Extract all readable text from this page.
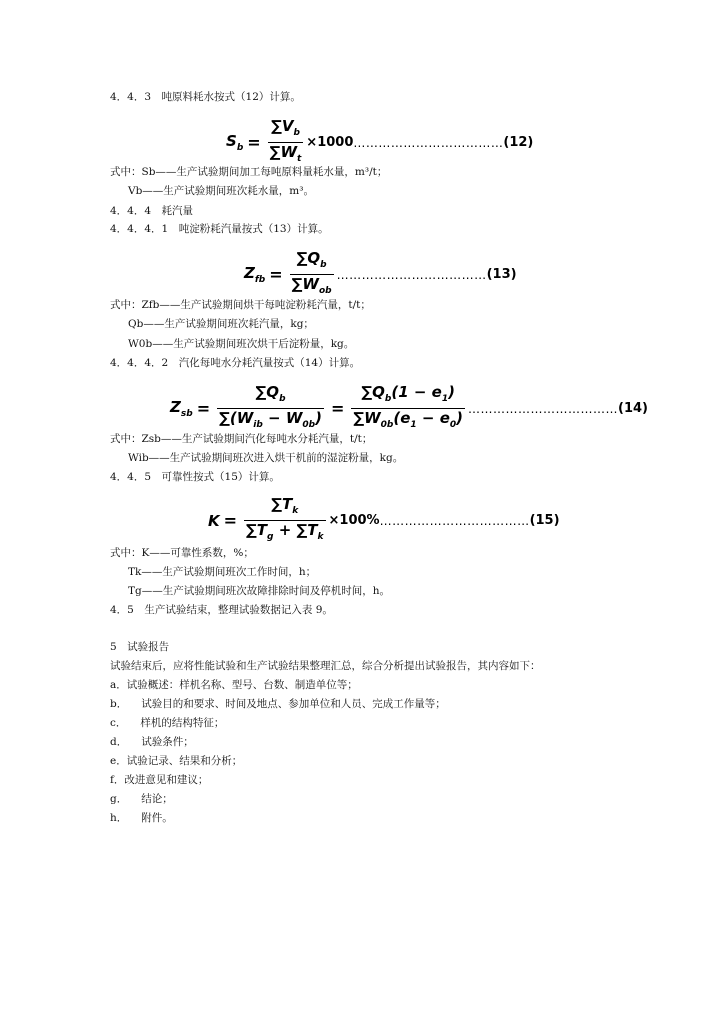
4．4．3　吨原料耗水按式（12）计算。
$S_b = \frac{\sum V_b}{\sum W_t} \times 1000$ ……………………………… (12)
式中：Sb——生产试验期间加工每吨原料量耗水量，m³/t；
Vb——生产试验期间班次耗水量，m³。
4．4．4　耗汽量
4．4．4．1　吨淀粉耗汽量按式（13）计算。
$Z_{fb} = \frac{\sum Q_b}{\sum W_{ob}}$ ……………………………… (13)
式中：Zfb——生产试验期间烘干每吨淀粉耗汽量，t/t；
Qb——生产试验期间班次耗汽量，kg；
W0b——生产试验期间班次烘干后淀粉量，kg。
4．4．4．2　汽化每吨水分耗汽量按式（14）计算。
$Z_{sb} = \frac{\sum Q_b}{\sum(W_{ib} - W_{0b})} = \frac{\sum Q_b(1 - e_1)}{\sum W_{0b}(e_1 - e_0)}$ ……………………………… (14)
式中：Zsb——生产试验期间汽化每吨水分耗汽量，t/t；
Wib——生产试验期间班次进入烘干机前的湿淀粉量，kg。
4．4．5　可靠性按式（15）计算。
$K = \frac{\sum T_k}{\sum T_g + \sum T_k} \times 100\%$ ……………………………… (15)
式中：K——可靠性系数，%；
Tk——生产试验期间班次工作时间，h；
Tg——生产试验期间班次故障排除时间及停机时间，h。
4．5　生产试验结束，整理试验数据记入表 9。
5　试验报告
试验结束后，应将性能试验和生产试验结果整理汇总，综合分析提出试验报告，其内容如下：
a．试验概述：样机名称、型号、台数、制造单位等；
b． 试验目的和要求、时间及地点、参加单位和人员、完成工作量等；
c． 样机的结构特征；
d． 试验条件；
e．试验记录、结果和分析；
f．改进意见和建议；
g． 结论；
h． 附件。
